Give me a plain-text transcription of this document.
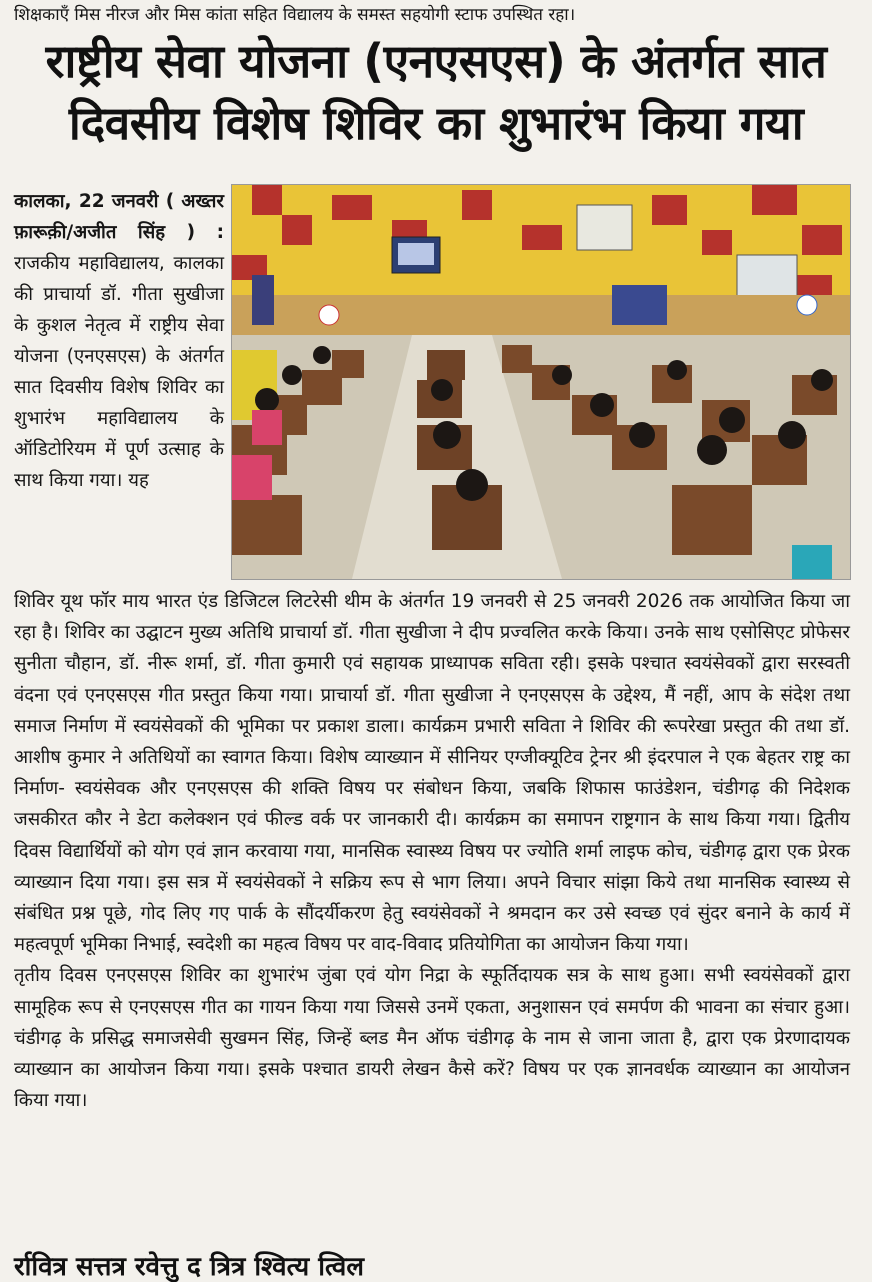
शिक्षकाएँ मिस नीरज और मिस कांता सहित विद्यालय के समस्त सहयोगी स्टाफ उपस्थित रहा।
राष्ट्रीय सेवा योजना (एनएसएस) के अंतर्गत सात
दिवसीय विशेष शिविर का शुभारंभ किया गया
कालका, 22 जनवरी ( अख्तर फ़ारूक़ी/अजीत सिंह ) : राजकीय महाविद्यालय, कालका की प्राचार्या डॉ. गीता सुखीजा के कुशल नेतृत्व में राष्ट्रीय सेवा योजना (एनएसएस) के अंतर्गत सात दिवसीय विशेष शिविर का शुभारंभ महाविद्यालय के ऑडिटोरियम में पूर्ण उत्साह के साथ किया गया। यह

शिविर यूथ फॉर माय भारत एंड डिजिटल लिटरेसी थीम के अंतर्गत 19 जनवरी से 25 जनवरी 2026 तक आयोजित किया जा रहा है। शिविर का उद्घाटन मुख्य अतिथि प्राचार्या डॉ. गीता सुखीजा ने दीप प्रज्वलित करके किया। उनके साथ एसोसिएट प्रोफेसर सुनीता चौहान, डॉ. नीरू शर्मा, डॉ. गीता कुमारी एवं सहायक प्राध्यापक सविता रही। इसके पश्चात स्वयंसेवकों द्वारा सरस्वती वंदना एवं एनएसएस गीत प्रस्तुत किया गया। प्राचार्या डॉ. गीता सुखीजा ने एनएसएस के उद्देश्य, मैं नहीं, आप के संदेश तथा समाज निर्माण में स्वयंसेवकों की भूमिका पर प्रकाश डाला। कार्यक्रम प्रभारी सविता ने शिविर की रूपरेखा प्रस्तुत की तथा डॉ. आशीष कुमार ने अतिथियों का स्वागत किया। विशेष व्याख्यान में सीनियर एग्जीक्यूटिव ट्रेनर श्री इंदरपाल ने एक बेहतर राष्ट्र का निर्माण- स्वयंसेवक और एनएसएस की शक्ति विषय पर संबोधन किया, जबकि शिफास फाउंडेशन, चंडीगढ़ की निदेशक जसकीरत कौर ने डेटा कलेक्शन एवं फील्ड वर्क पर जानकारी दी। कार्यक्रम का समापन राष्ट्रगान के साथ किया गया। द्वितीय दिवस विद्यार्थियों को योग एवं ज्ञान करवाया गया, मानसिक स्वास्थ्य विषय पर ज्योति शर्मा लाइफ कोच, चंडीगढ़ द्वारा एक प्रेरक व्याख्यान दिया गया। इस सत्र में स्वयंसेवकों ने सक्रिय रूप से भाग लिया। अपने विचार सांझा किये तथा मानसिक स्वास्थ्य से संबंधित प्रश्न पूछे, गोद लिए गए पार्क के सौंदर्यीकरण हेतु स्वयंसेवकों ने श्रमदान कर उसे स्वच्छ एवं सुंदर बनाने के कार्य में महत्वपूर्ण भूमिका निभाई, स्वदेशी का महत्व विषय पर वाद-विवाद प्रतियोगिता का आयोजन किया गया।

तृतीय दिवस एनएसएस शिविर का शुभारंभ जुंबा एवं योग निद्रा के स्फूर्तिदायक सत्र के साथ हुआ। सभी स्वयंसेवकों द्वारा सामूहिक रूप से एनएसएस गीत का गायन किया गया जिससे उनमें एकता, अनुशासन एवं समर्पण की भावना का संचार हुआ। चंडीगढ़ के प्रसिद्ध समाजसेवी सुखमन सिंह, जिन्हें ब्लड मैन ऑफ चंडीगढ़ के नाम से जाना जाता है, द्वारा एक प्रेरणादायक व्याख्यान का आयोजन किया गया। इसके पश्चात डायरी लेखन कैसे करें? विषय पर एक ज्ञानवर्धक व्याख्यान का आयोजन किया गया।

र्रावित्र सत्तत्र रवेत्तु द त्रित्र श्वित्य त्विल
